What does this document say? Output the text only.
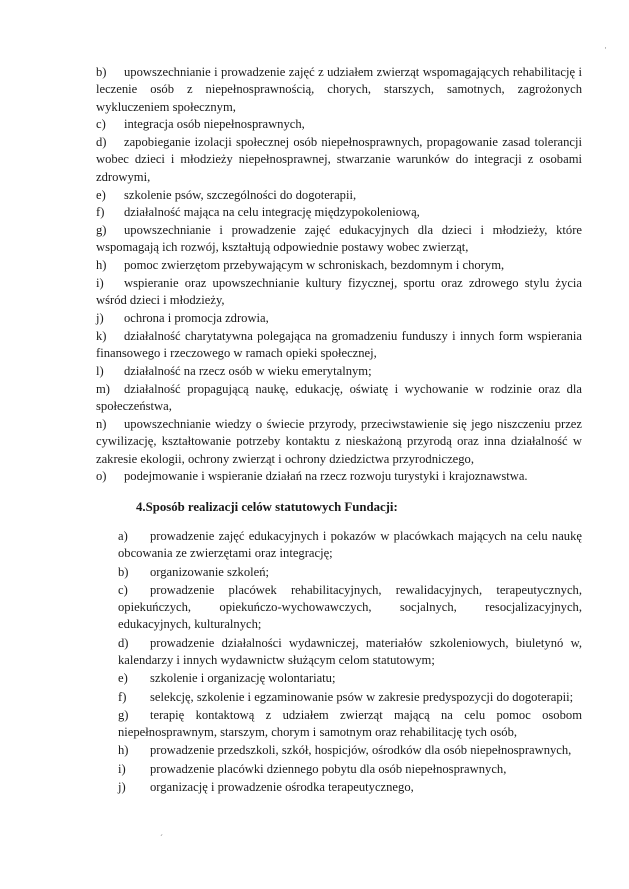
·
ˊ

b) upowszechnianie i prowadzenie zajęć z udziałem zwierząt wspomagających rehabilitację i leczenie osób z niepełnosprawnością, chorych, starszych, samotnych, zagrożonych wykluczeniem społecznym,

c) integracja osób niepełnosprawnych,

d) zapobieganie izolacji społecznej osób niepełnosprawnych, propagowanie zasad tolerancji wobec dzieci i młodzieży niepełnosprawnej, stwarzanie warunków do integracji z osobami zdrowymi,

e) szkolenie psów, szczególności do dogoterapii,

f) działalność mająca na celu integrację międzypokoleniową,

g) upowszechnianie i prowadzenie zajęć edukacyjnych dla dzieci i młodzieży, które wspomagają ich rozwój, kształtują odpowiednie postawy wobec zwierząt,

h) pomoc zwierzętom przebywającym w schroniskach, bezdomnym i chorym,

i) wspieranie oraz upowszechnianie kultury fizycznej, sportu oraz zdrowego stylu życia wśród dzieci i młodzieży,

j) ochrona i promocja zdrowia,

k) działalność charytatywna polegająca na gromadzeniu funduszy i innych form wspierania finansowego i rzeczowego w ramach opieki społecznej,

l) działalność na rzecz osób w wieku emerytalnym;

m) działalność propagującą naukę, edukację, oświatę i wychowanie w rodzinie oraz dla społeczeństwa,

n) upowszechnianie wiedzy o świecie przyrody, przeciwstawienie się jego niszczeniu przez cywilizację, kształtowanie potrzeby kontaktu z nieskażoną przyrodą oraz inna działalność w zakresie ekologii, ochrony zwierząt i ochrony dziedzictwa przyrodniczego,

o) podejmowanie i wspieranie działań na rzecz rozwoju turystyki i krajoznawstwa.

4.Sposób realizacji celów statutowych Fundacji:

a) prowadzenie zajęć edukacyjnych i pokazów w placówkach mających na celu naukę obcowania ze zwierzętami oraz integrację;

b) organizowanie szkoleń;

c) prowadzenie placówek rehabilitacyjnych, rewalidacyjnych, terapeutycznych, opiekuńczych, opiekuńczo-wychowawczych, socjalnych, resocjalizacyjnych, edukacyjnych, kulturalnych;

d) prowadzenie działalności wydawniczej, materiałów szkoleniowych, biuletynó w, kalendarzy i innych wydawnictw służącym celom statutowym;

e) szkolenie i organizację wolontariatu;

f) selekcję, szkolenie i egzaminowanie psów w zakresie predyspozycji do dogoterapii;

g) terapię kontaktową z udziałem zwierząt mającą na celu pomoc osobom niepełnosprawnym, starszym, chorym i samotnym oraz rehabilitację tych osób,

h) prowadzenie przedszkoli, szkół, hospicjów, ośrodków dla osób niepełnosprawnych,

i) prowadzenie placówki dziennego pobytu dla osób niepełnosprawnych,

j) organizację i prowadzenie ośrodka terapeutycznego,
